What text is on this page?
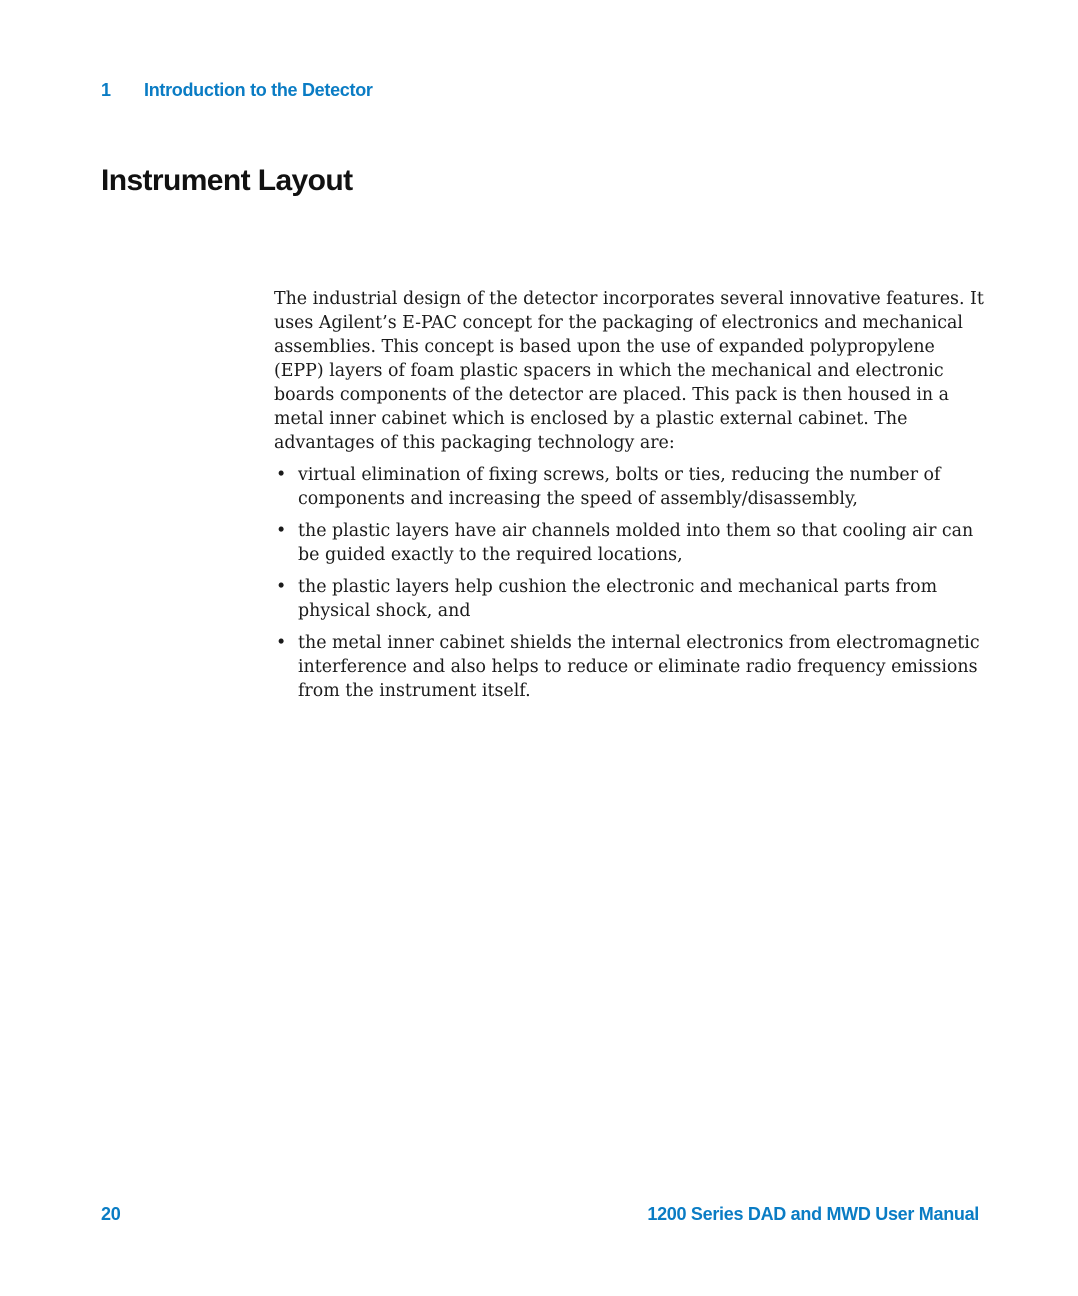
1	Introduction to the Detector
Instrument Layout

The industrial design of the detector incorporates several innovative features. It uses Agilent’s E-PAC concept for the packaging of electronics and mechanical assemblies. This concept is based upon the use of expanded polypropylene (EPP) layers of foam plastic spacers in which the mechanical and electronic boards components of the detector are placed. This pack is then housed in a metal inner cabinet which is enclosed by a plastic external cabinet. The advantages of this packaging technology are:

• virtual elimination of fixing screws, bolts or ties, reducing the number of components and increasing the speed of assembly/disassembly,
• the plastic layers have air channels molded into them so that cooling air can be guided exactly to the required locations,
• the plastic layers help cushion the electronic and mechanical parts from physical shock, and
• the metal inner cabinet shields the internal electronics from electromagnetic interference and also helps to reduce or eliminate radio frequency emissions from the instrument itself.
20	1200 Series DAD and MWD User Manual
